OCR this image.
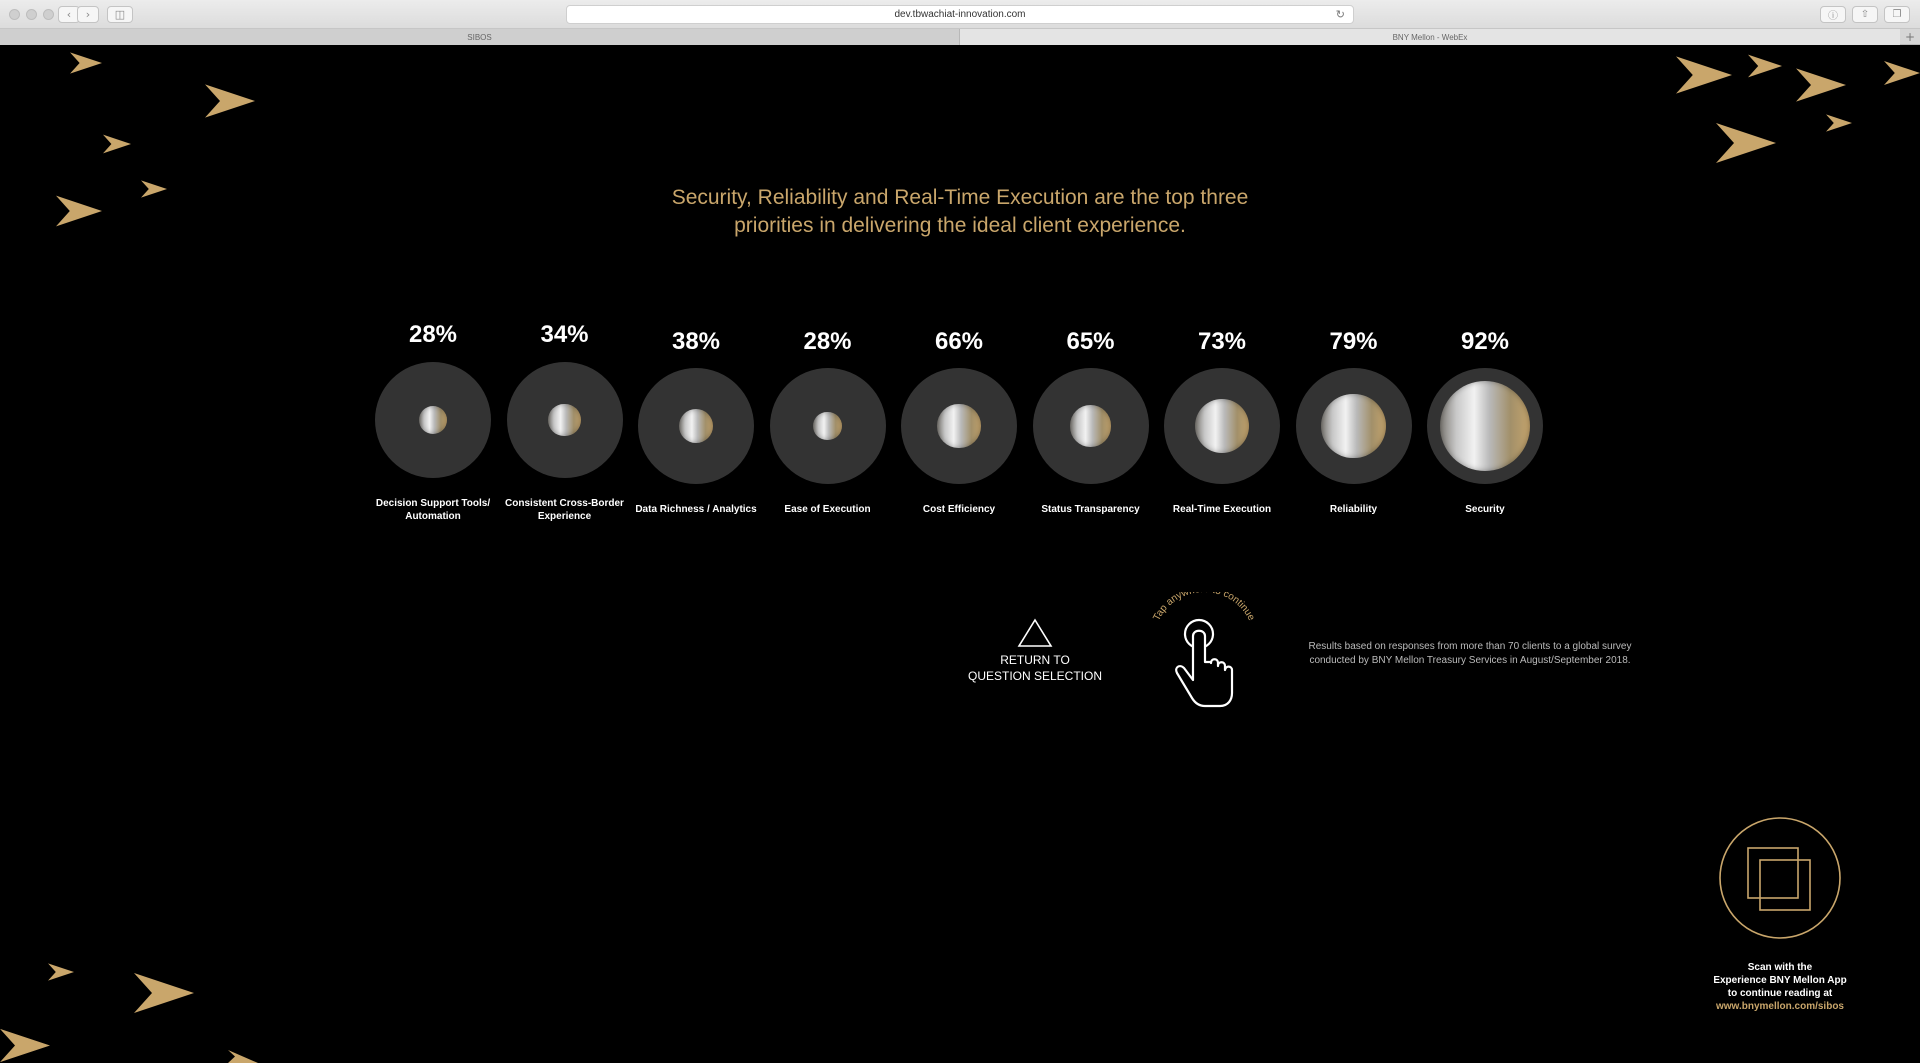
‹ › ◫	dev.tbwachiat-innovation.com	↻	ⓘ ⇧ ❐
SIBOS	BNY Mellon - WebEx	+
Security, Reliability and Real-Time Execution are the top three
priorities in delivering the ideal client experience.
28%
Decision Support Tools/
Automation
34%
Consistent Cross-Border
Experience
38%
Data Richness / Analytics
28%
Ease of Execution
66%
Cost Efficiency
65%
Status Transparency
73%
Real-Time Execution
79%
Reliability
92%
Security
RETURN TO
QUESTION SELECTION
Tap anyw continue
Results based on responses from more than 70 clients to a global survey
conducted by BNY Mellon Treasury Services in August/September 2018.
Scan with the
Experience BNY Mellon App
to continue reading at
www.bnymellon.com/sibos
